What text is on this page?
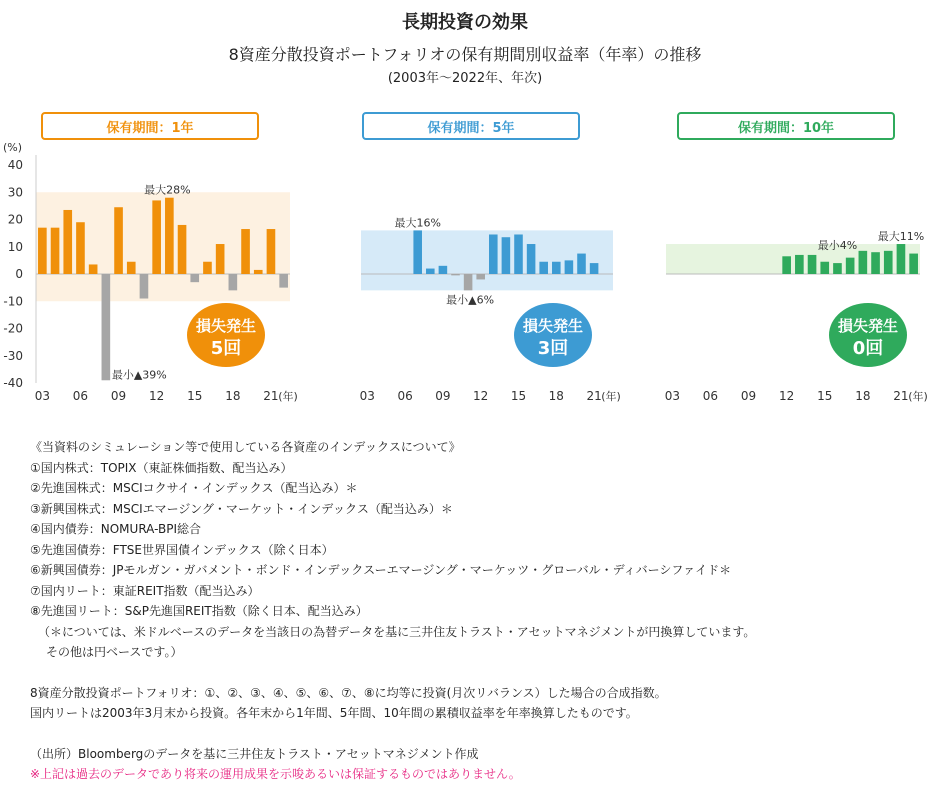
長期投資の効果
8資産分散投資ポートフォリオの保有期間別収益率（年率）の推移
(2003年〜2022年、年次)
保有期間：1年	保有期間：5年	保有期間：10年
40
30
20
10
0
-10
-20
-30
-40
(%)
03 06 09 12 15 18 21 (年)
最大28%
最小▲39%
損失発生
5回
03 06 09 12 15 18 21 (年)
最大16%
最小▲6%
損失発生
3回
03 06 09 12 15 18 21 (年)
最大11%
最小4%
損失発生
0回
《当資料のシミュレーション等で使用している各資産のインデックスについて》
①国内株式：TOPIX（東証株価指数、配当込み）
②先進国株式：MSCIコクサイ・インデックス（配当込み）＊
③新興国株式：MSCIエマージング・マーケット・インデックス（配当込み）＊
④国内債券：NOMURA-BPI総合
⑤先進国債券：FTSE世界国債インデックス（除く日本）
⑥新興国債券：JPモルガン・ガバメント・ボンド・インデックスーエマージング・マーケッツ・グローバル・ディバーシファイド＊
⑦国内リート：東証REIT指数（配当込み）
⑧先進国リート：S&P先進国REIT指数（除く日本、配当込み）
（＊については、米ドルベースのデータを当該日の為替データを基に三井住友トラスト・アセットマネジメントが円換算しています。
その他は円ベースです。）
8資産分散投資ポートフォリオ：①、②、③、④、⑤、⑥、⑦、⑧に均等に投資(月次リバランス）した場合の合成指数。
国内リートは2003年3月末から投資。各年末から1年間、5年間、10年間の累積収益率を年率換算したものです。
（出所）Bloombergのデータを基に三井住友トラスト・アセットマネジメント作成
※上記は過去のデータであり将来の運用成果を示唆あるいは保証するものではありません。
